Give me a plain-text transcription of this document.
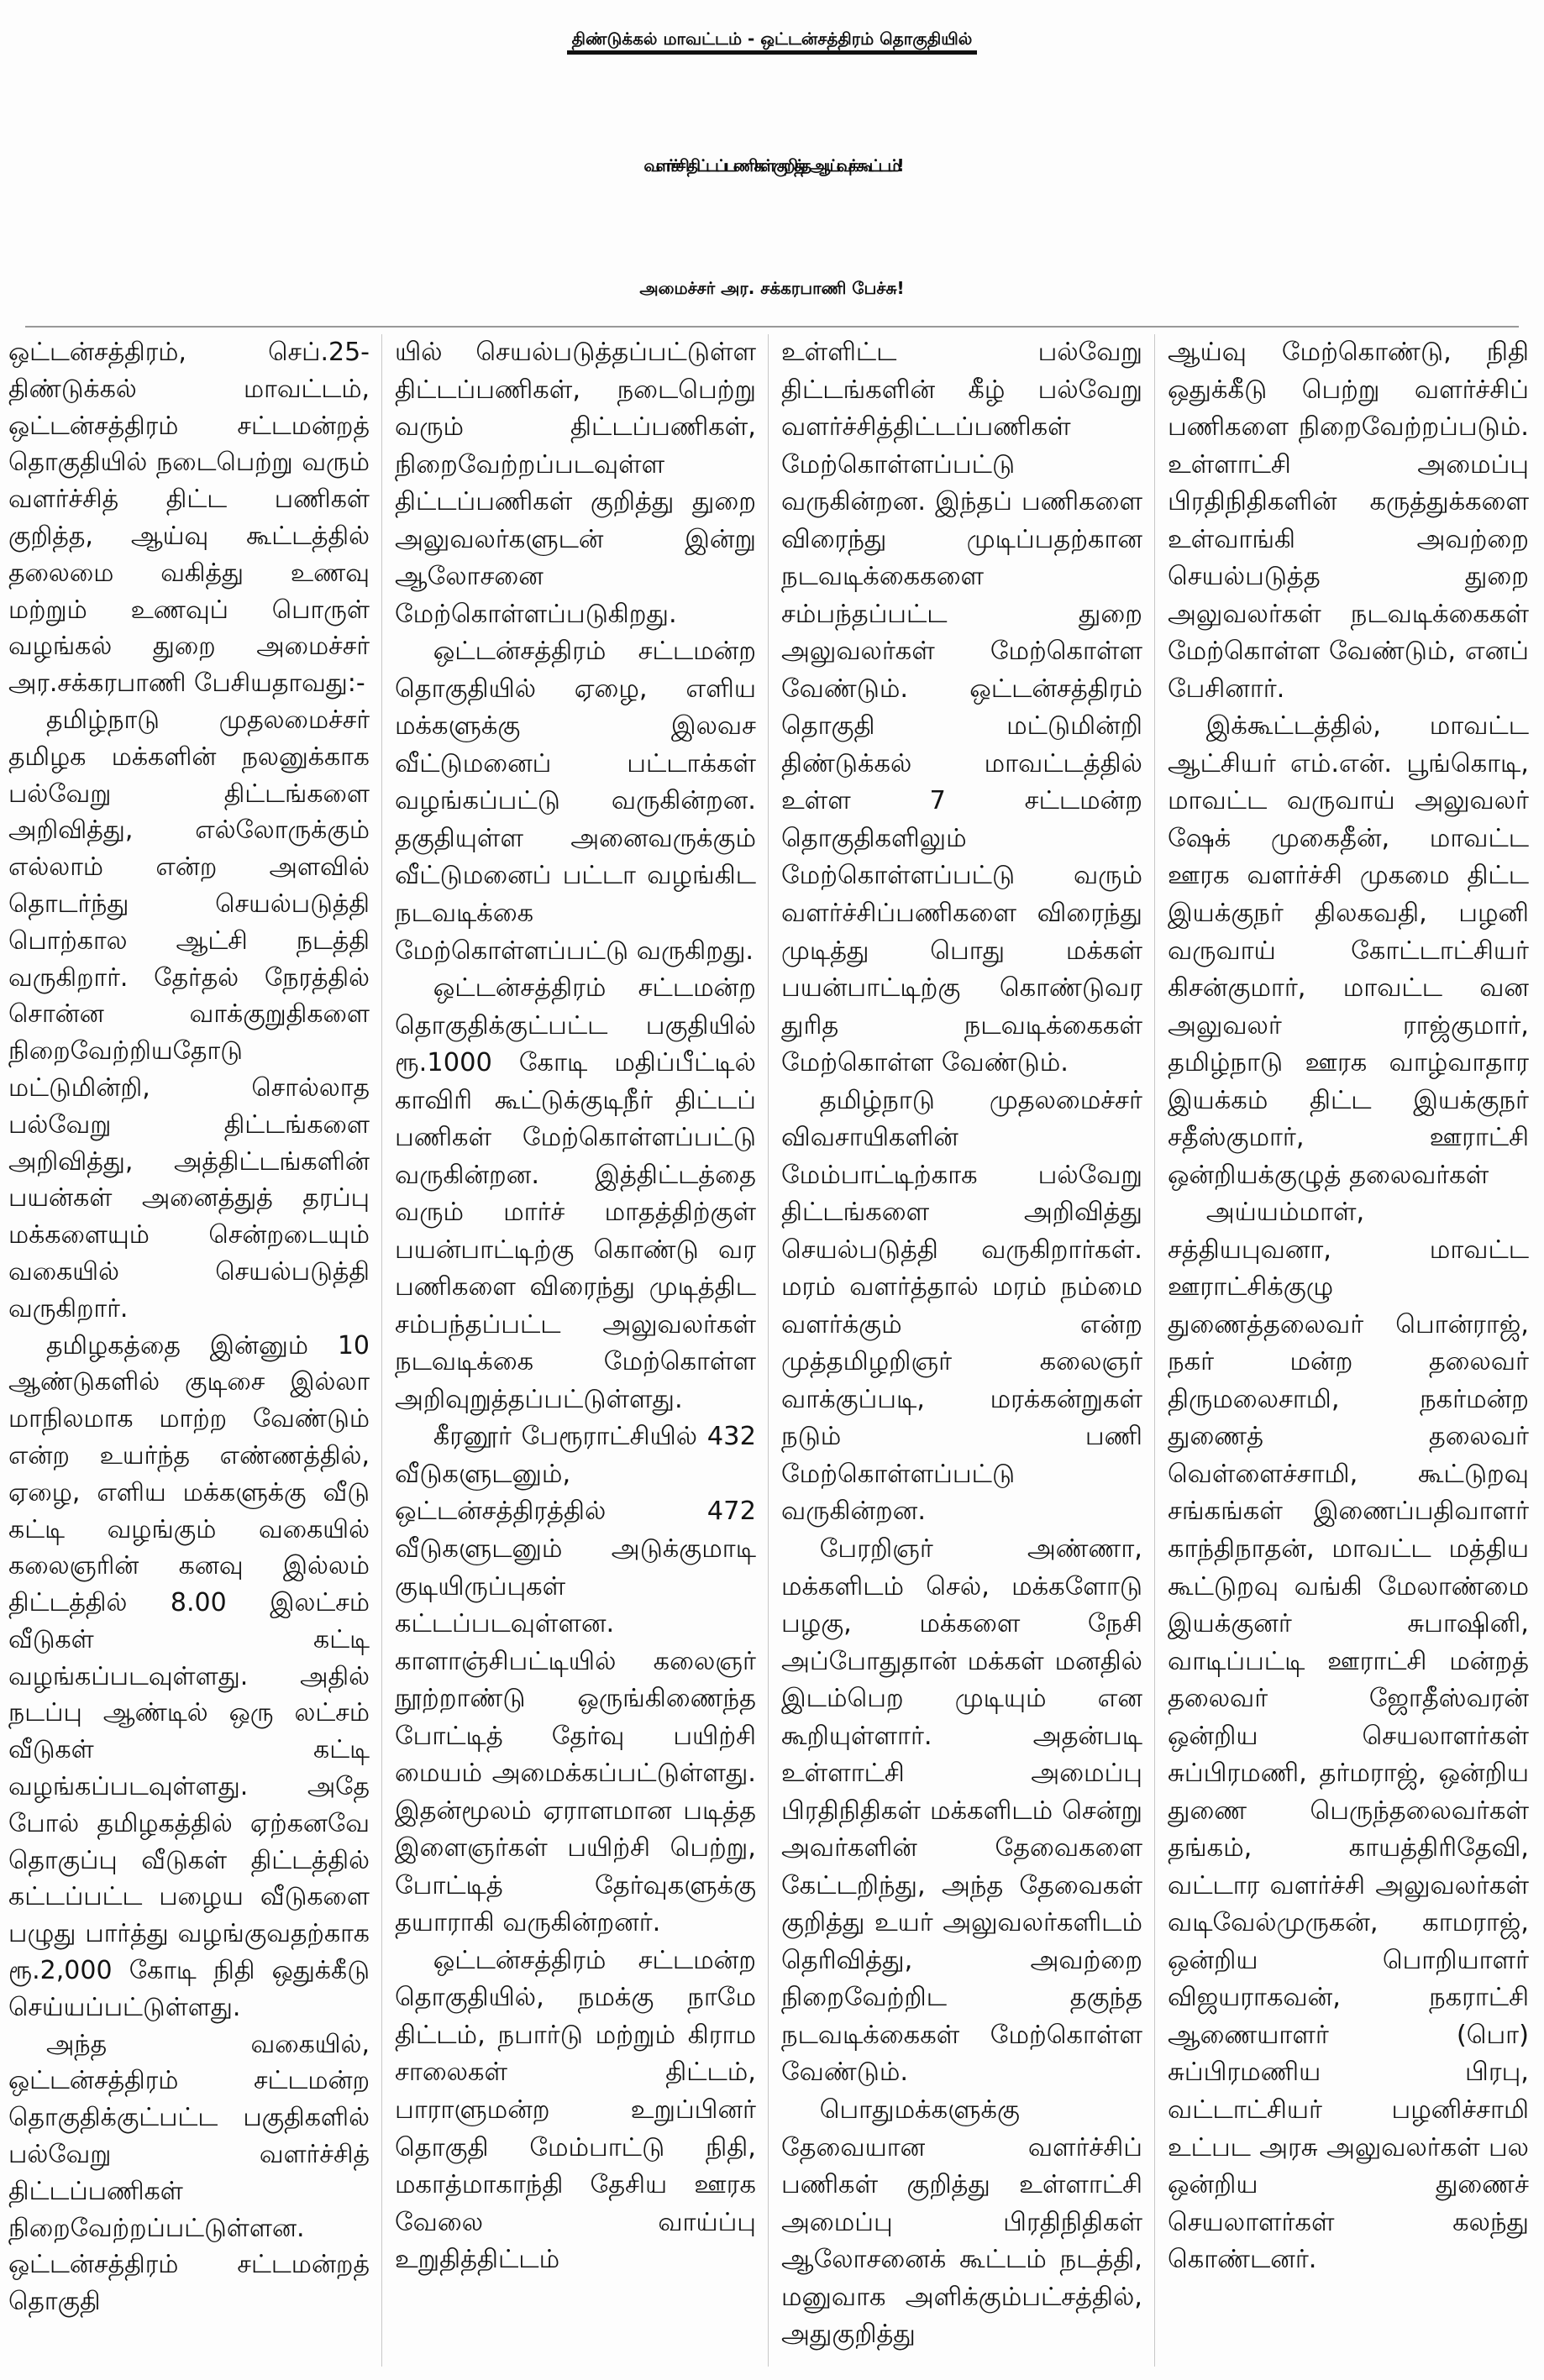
திண்டுக்கல் மாவட்டம் - ஒட்டன்சத்திரம் தொகுதியில்
வளர்ச்சி திட்டப் பணிகள் குறித்த ஆய்வுக் கூட்டம்!
அமைச்சர் அர. சக்கரபாணி பேச்சு!

ஒட்டன்சத்திரம், செப்.25- திண்டுக்கல் மாவட்டம், ஒட்டன்சத்திரம் சட்டமன்றத் தொகுதியில் நடைபெற்று வரும் வளர்ச்சித் திட்ட பணிகள் குறித்த, ஆய்வு கூட்டத்தில் தலைமை வகித்து உணவு மற்றும் உணவுப் பொருள் வழங்கல் துறை அமைச்சர் அர.சக்கரபாணி பேசியதாவது:-

தமிழ்நாடு முதலமைச்சர் தமிழக மக்களின் நலனுக்காக பல்வேறு திட்டங்களை அறிவித்து, எல்லோருக்கும் எல்லாம் என்ற அளவில் தொடர்ந்து செயல்படுத்தி பொற்கால ஆட்சி நடத்தி வருகிறார். தேர்தல் நேரத்தில் சொன்ன வாக்குறுதிகளை நிறைவேற்றியதோடு மட்டுமின்றி, சொல்லாத பல்வேறு திட்டங்களை அறிவித்து, அத்திட்டங்களின் பயன்கள் அனைத்துத் தரப்பு மக்களையும் சென்றடையும் வகையில் செயல்படுத்தி வருகிறார்.

தமிழகத்தை இன்னும் 10 ஆண்டுகளில் குடிசை இல்லா மாநிலமாக மாற்ற வேண்டும் என்ற உயர்ந்த எண்ணத்தில், ஏழை, எளிய மக்களுக்கு வீடு கட்டி வழங்கும் வகையில் கலைஞரின் கனவு இல்லம் திட்டத்தில் 8.00 இலட்சம் வீடுகள் கட்டி வழங்கப்படவுள்ளது. அதில் நடப்பு ஆண்டில் ஒரு லட்சம் வீடுகள் கட்டி வழங்கப்படவுள்ளது. அதே போல் தமிழகத்தில் ஏற்கனவே தொகுப்பு வீடுகள் திட்டத்தில் கட்டப்பட்ட பழைய வீடுகளை பழுது பார்த்து வழங்குவதற்காக ரூ.2,000 கோடி நிதி ஒதுக்கீடு செய்யப்பட்டுள்ளது.

அந்த வகையில், ஒட்டன்சத்திரம் சட்டமன்ற தொகுதிக்குட்பட்ட பகுதிகளில் பல்வேறு வளர்ச்சித் திட்டப்பணிகள் நிறைவேற்றப்பட்டுள்ளன. ஒட்டன்சத்திரம் சட்டமன்றத் தொகுதி

யில் செயல்படுத்தப்பட்டுள்ள திட்டப்பணிகள், நடைபெற்று வரும் திட்டப்பணிகள், நிறைவேற்றப்படவுள்ள திட்டப்பணிகள் குறித்து துறை அலுவலர்களுடன் இன்று ஆலோசனை மேற்கொள்ளப்படுகிறது.

ஒட்டன்சத்திரம் சட்டமன்ற தொகுதியில் ஏழை, எளிய மக்களுக்கு இலவச வீட்டுமனைப் பட்டாக்கள் வழங்கப்பட்டு வருகின்றன. தகுதியுள்ள அனைவருக்கும் வீட்டுமனைப் பட்டா வழங்கிட நடவடிக்கை மேற்கொள்ளப்பட்டு வருகிறது.

ஒட்டன்சத்திரம் சட்டமன்ற தொகுதிக்குட்பட்ட பகுதியில் ரூ.1000 கோடி மதிப்பீட்டில் காவிரி கூட்டுக்குடிநீர் திட்டப் பணிகள் மேற்கொள்ளப்பட்டு வருகின்றன. இத்திட்டத்தை வரும் மார்ச் மாதத்திற்குள் பயன்பாட்டிற்கு கொண்டு வர பணிகளை விரைந்து முடித்திட சம்பந்தப்பட்ட அலுவலர்கள் நடவடிக்கை மேற்கொள்ள அறிவுறுத்தப்பட்டுள்ளது.

கீரனூர் பேரூராட்சியில் 432 வீடுகளுடனும், ஒட்டன்சத்திரத்தில் 472 வீடுகளுடனும் அடுக்குமாடி குடியிருப்புகள் கட்டப்படவுள்ளன. காளாஞ்சிபட்டியில் கலைஞர் நூற்றாண்டு ஒருங்கிணைந்த போட்டித் தேர்வு பயிற்சி மையம் அமைக்கப்பட்டுள்ளது. இதன்மூலம் ஏராளமான படித்த இளைஞர்கள் பயிற்சி பெற்று, போட்டித் தேர்வுகளுக்கு தயாராகி வருகின்றனர்.

ஒட்டன்சத்திரம் சட்டமன்ற தொகுதியில், நமக்கு நாமே திட்டம், நபார்டு மற்றும் கிராம சாலைகள் திட்டம், பாராளுமன்ற உறுப்பினர் தொகுதி மேம்பாட்டு நிதி, மகாத்மாகாந்தி தேசிய ஊரக வேலை வாய்ப்பு உறுதித்திட்டம்

உள்ளிட்ட பல்வேறு திட்டங்களின் கீழ் பல்வேறு வளர்ச்சித்திட்டப்பணிகள் மேற்கொள்ளப்பட்டு வருகின்றன. இந்தப் பணிகளை விரைந்து முடிப்பதற்கான நடவடிக்கைகளை சம்பந்தப்பட்ட துறை அலுவலர்கள் மேற்கொள்ள வேண்டும். ஒட்டன்சத்திரம் தொகுதி மட்டுமின்றி திண்டுக்கல் மாவட்டத்தில் உள்ள 7 சட்டமன்ற தொகுதிகளிலும் மேற்கொள்ளப்பட்டு வரும் வளர்ச்சிப்பணிகளை விரைந்து முடித்து பொது மக்கள் பயன்பாட்டிற்கு கொண்டுவர துரித நடவடிக்கைகள் மேற்கொள்ள வேண்டும்.

தமிழ்நாடு முதலமைச்சர் விவசாயிகளின் மேம்பாட்டிற்காக பல்வேறு திட்டங்களை அறிவித்து செயல்படுத்தி வருகிறார்கள். மரம் வளர்த்தால் மரம் நம்மை வளர்க்கும் என்ற முத்தமிழறிஞர் கலைஞர் வாக்குப்படி, மரக்கன்றுகள் நடும் பணி மேற்கொள்ளப்பட்டு வருகின்றன.

பேரறிஞர் அண்ணா, மக்களிடம் செல், மக்களோடு பழகு, மக்களை நேசி அப்போதுதான் மக்கள் மனதில் இடம்பெற முடியும் என கூறியுள்ளார். அதன்படி உள்ளாட்சி அமைப்பு பிரதிநிதிகள் மக்களிடம் சென்று அவர்களின் தேவைகளை கேட்டறிந்து, அந்த தேவைகள் குறித்து உயர் அலுவலர்களிடம் தெரிவித்து, அவற்றை நிறைவேற்றிட தகுந்த நடவடிக்கைகள் மேற்கொள்ள வேண்டும்.

பொதுமக்களுக்கு தேவையான வளர்ச்சிப் பணிகள் குறித்து உள்ளாட்சி அமைப்பு பிரதிநிதிகள் ஆலோசனைக் கூட்டம் நடத்தி, மனுவாக அளிக்கும்பட்சத்தில், அதுகுறித்து

ஆய்வு மேற்கொண்டு, நிதி ஒதுக்கீடு பெற்று வளர்ச்சிப் பணிகளை நிறைவேற்றப்படும். உள்ளாட்சி அமைப்பு பிரதிநிதிகளின் கருத்துக்களை உள்வாங்கி அவற்றை செயல்படுத்த துறை அலுவலர்கள் நடவடிக்கைகள் மேற்கொள்ள வேண்டும், எனப் பேசினார்.

இக்கூட்டத்தில், மாவட்ட ஆட்சியர் எம்.என். பூங்கொடி, மாவட்ட வருவாய் அலுவலர் ஷேக் முகைதீன், மாவட்ட ஊரக வளர்ச்சி முகமை திட்ட இயக்குநர் திலகவதி, பழனி வருவாய் கோட்டாட்சியர் கிசன்குமார், மாவட்ட வன அலுவலர் ராஜ்குமார், தமிழ்நாடு ஊரக வாழ்வாதார இயக்கம் திட்ட இயக்குநர் சதீஸ்குமார், ஊராட்சி ஒன்றியக்குழுத் தலைவர்கள்

அய்யம்மாள், சத்தியபுவனா, மாவட்ட ஊராட்சிக்குழு துணைத்தலைவர் பொன்ராஜ், நகர் மன்ற தலைவர் திருமலைசாமி, நகர்மன்ற துணைத் தலைவர் வெள்ளைச்சாமி, கூட்டுறவு சங்கங்கள் இணைப்பதிவாளர் காந்திநாதன், மாவட்ட மத்திய கூட்டுறவு வங்கி மேலாண்மை இயக்குனர் சுபாஷினி, வாடிப்பட்டி ஊராட்சி மன்றத் தலைவர் ஜோதீஸ்வரன் ஒன்றிய செயலாளர்கள் சுப்பிரமணி, தர்மராஜ், ஒன்றிய துணை பெருந்தலைவர்கள் தங்கம், காயத்திரிதேவி, வட்டார வளர்ச்சி அலுவலர்கள் வடிவேல்முருகன், காமராஜ், ஒன்றிய பொறியாளர் விஜயராகவன், நகராட்சி ஆணையாளர் (பொ) சுப்பிரமணிய பிரபு, வட்டாட்சியர் பழனிச்சாமி உட்பட அரசு அலுவலர்கள் பல ஒன்றிய துணைச் செயலாளர்கள் கலந்து கொண்டனர்.
